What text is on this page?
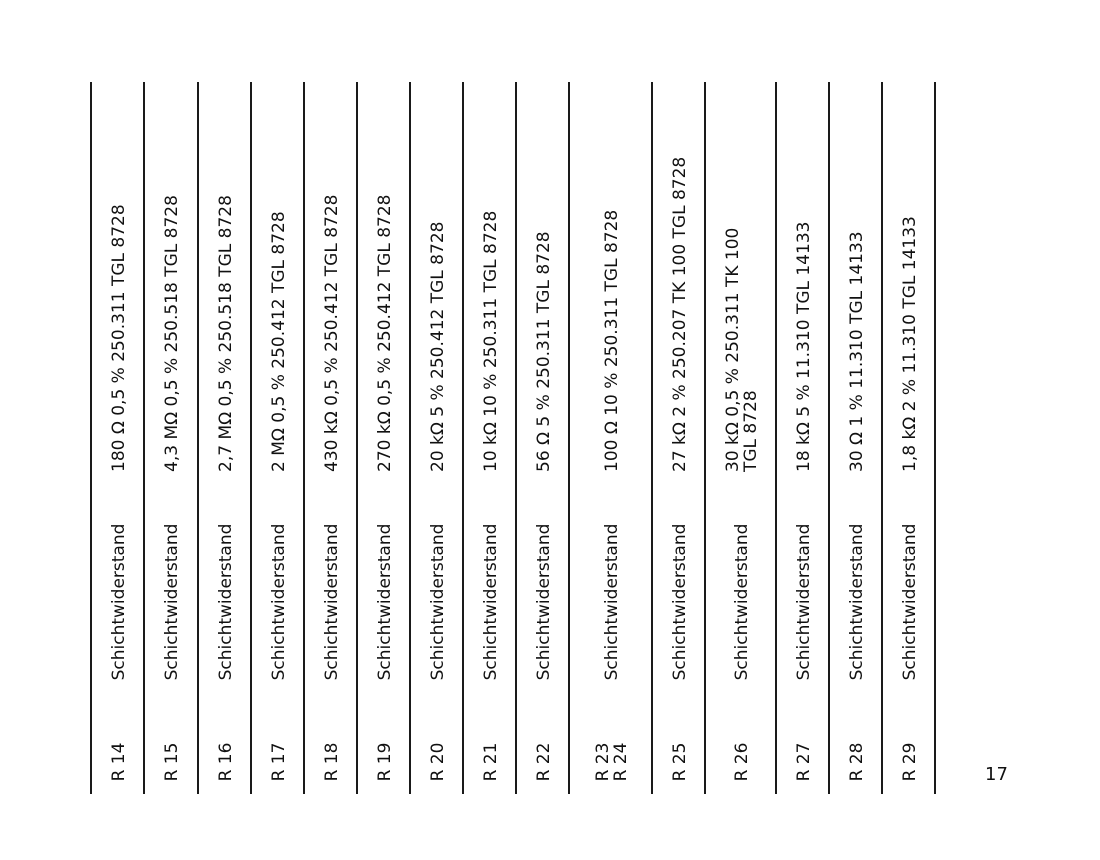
R 14
Schichtwiderstand
180 Ω 0,5 % 250.311 TGL 8728
R 15
Schichtwiderstand
4,3 MΩ 0,5 % 250.518 TGL 8728
R 16
Schichtwiderstand
2,7 MΩ 0,5 % 250.518 TGL 8728
R 17
Schichtwiderstand
2 MΩ 0,5 % 250.412 TGL 8728
R 18
Schichtwiderstand
430 kΩ 0,5 % 250.412 TGL 8728
R 19
Schichtwiderstand
270 kΩ 0,5 % 250.412 TGL 8728
R 20
Schichtwiderstand
20 kΩ 5 % 250.412 TGL 8728
R 21
Schichtwiderstand
10 kΩ 10 % 250.311 TGL 8728
R 22
Schichtwiderstand
56 Ω 5 % 250.311 TGL 8728
R 23
R 24
Schichtwiderstand
100 Ω 10 % 250.311 TGL 8728
R 25
Schichtwiderstand
27 kΩ 2 % 250.207 TK 100 TGL 8728
R 26
Schichtwiderstand
30 kΩ 0,5 % 250.311 TK 100
TGL 8728
R 27
Schichtwiderstand
18 kΩ 5 % 11.310 TGL 14133
R 28
Schichtwiderstand
30 Ω 1 % 11.310 TGL 14133
R 29
Schichtwiderstand
1,8 kΩ 2 % 11.310 TGL 14133
17
